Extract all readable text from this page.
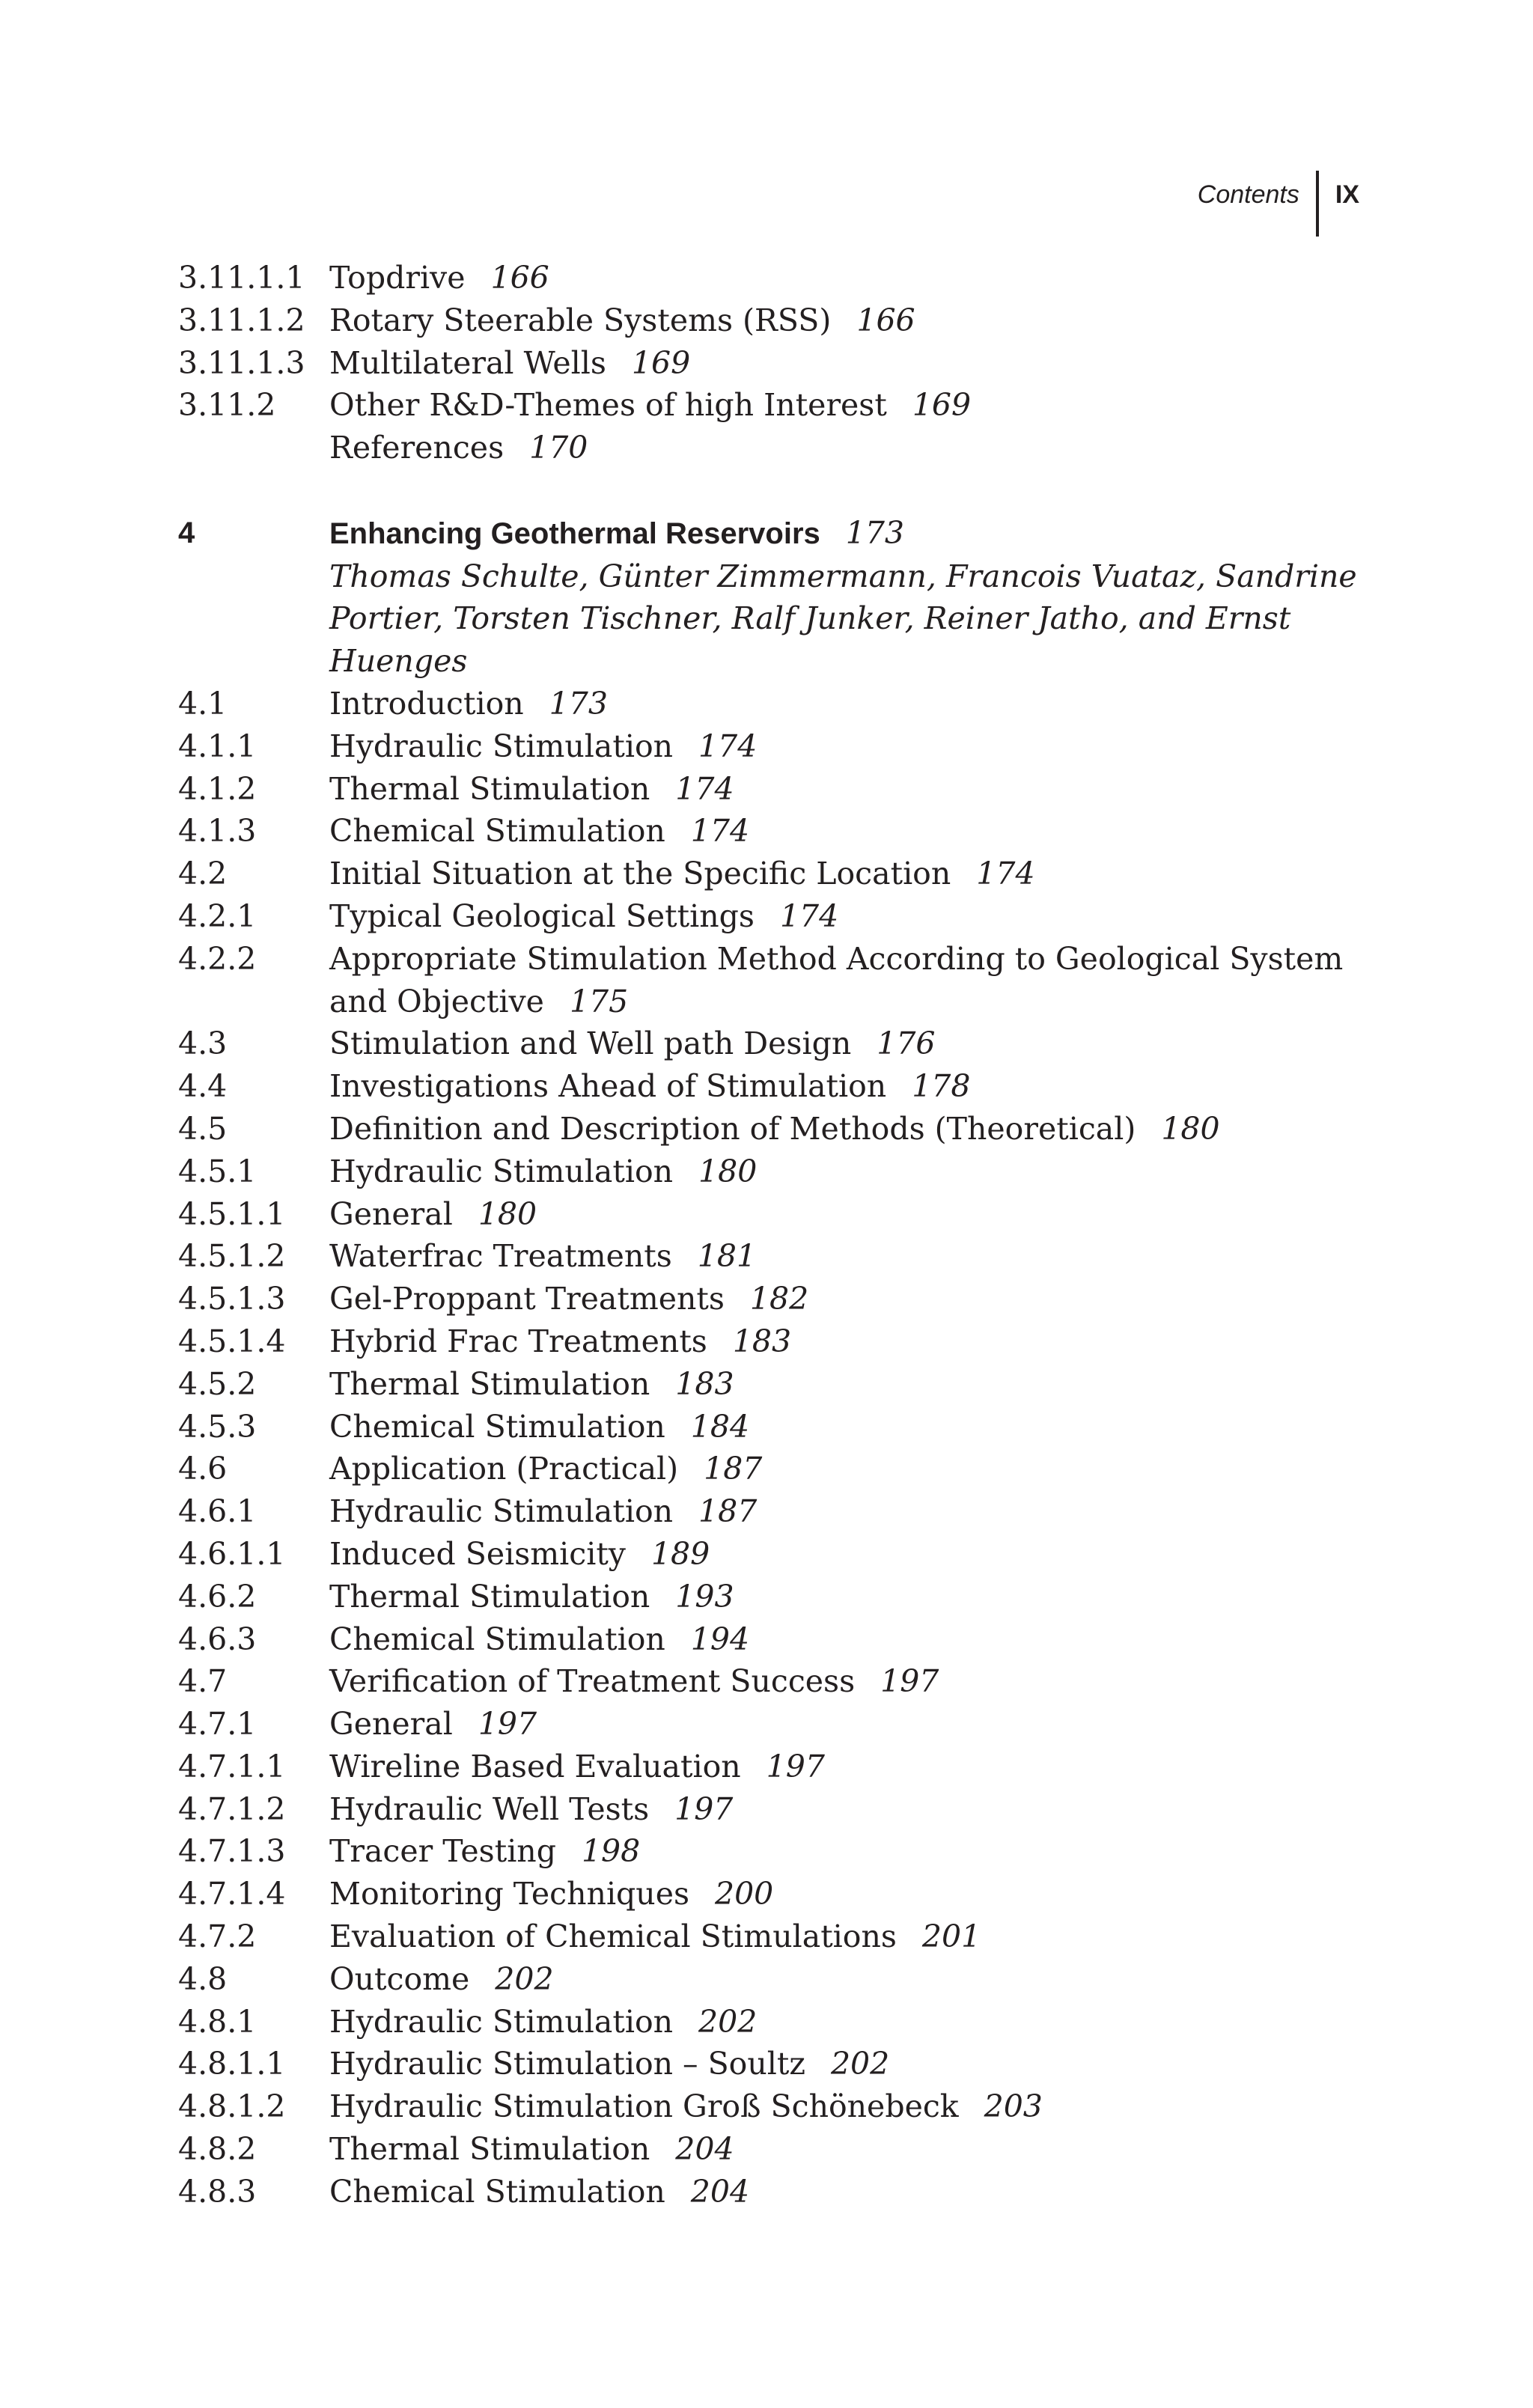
Contents IX
3.11.1.1 Topdrive 166
3.11.1.2 Rotary Steerable Systems (RSS) 166
3.11.1.3 Multilateral Wells 169
3.11.2	Other R&D-Themes of high Interest 169
References 170
4	Enhancing Geothermal Reservoirs 173
Thomas Schulte, Günter Zimmermann, Francois Vuataz, Sandrine Portier, Torsten Tischner, Ralf Junker, Reiner Jatho, and Ernst Huenges
4.1	Introduction 173
4.1.1	Hydraulic Stimulation 174
4.1.2	Thermal Stimulation 174
4.1.3	Chemical Stimulation 174
4.2	Initial Situation at the Specific Location 174
4.2.1	Typical Geological Settings 174
4.2.2	Appropriate Stimulation Method According to Geological System and Objective 175
4.3	Stimulation and Well path Design 176
4.4	Investigations Ahead of Stimulation 178
4.5	Definition and Description of Methods (Theoretical) 180
4.5.1	Hydraulic Stimulation 180
4.5.1.1	General 180
4.5.1.2	Waterfrac Treatments 181
4.5.1.3	Gel-Proppant Treatments 182
4.5.1.4	Hybrid Frac Treatments 183
4.5.2	Thermal Stimulation 183
4.5.3	Chemical Stimulation 184
4.6	Application (Practical) 187
4.6.1	Hydraulic Stimulation 187
4.6.1.1	Induced Seismicity 189
4.6.2	Thermal Stimulation 193
4.6.3	Chemical Stimulation 194
4.7	Verification of Treatment Success 197
4.7.1	General 197
4.7.1.1	Wireline Based Evaluation 197
4.7.1.2	Hydraulic Well Tests 197
4.7.1.3	Tracer Testing 198
4.7.1.4	Monitoring Techniques 200
4.7.2	Evaluation of Chemical Stimulations 201
4.8	Outcome 202
4.8.1	Hydraulic Stimulation 202
4.8.1.1	Hydraulic Stimulation – Soultz 202
4.8.1.2	Hydraulic Stimulation Groß Schönebeck 203
4.8.2	Thermal Stimulation 204
4.8.3	Chemical Stimulation 204
